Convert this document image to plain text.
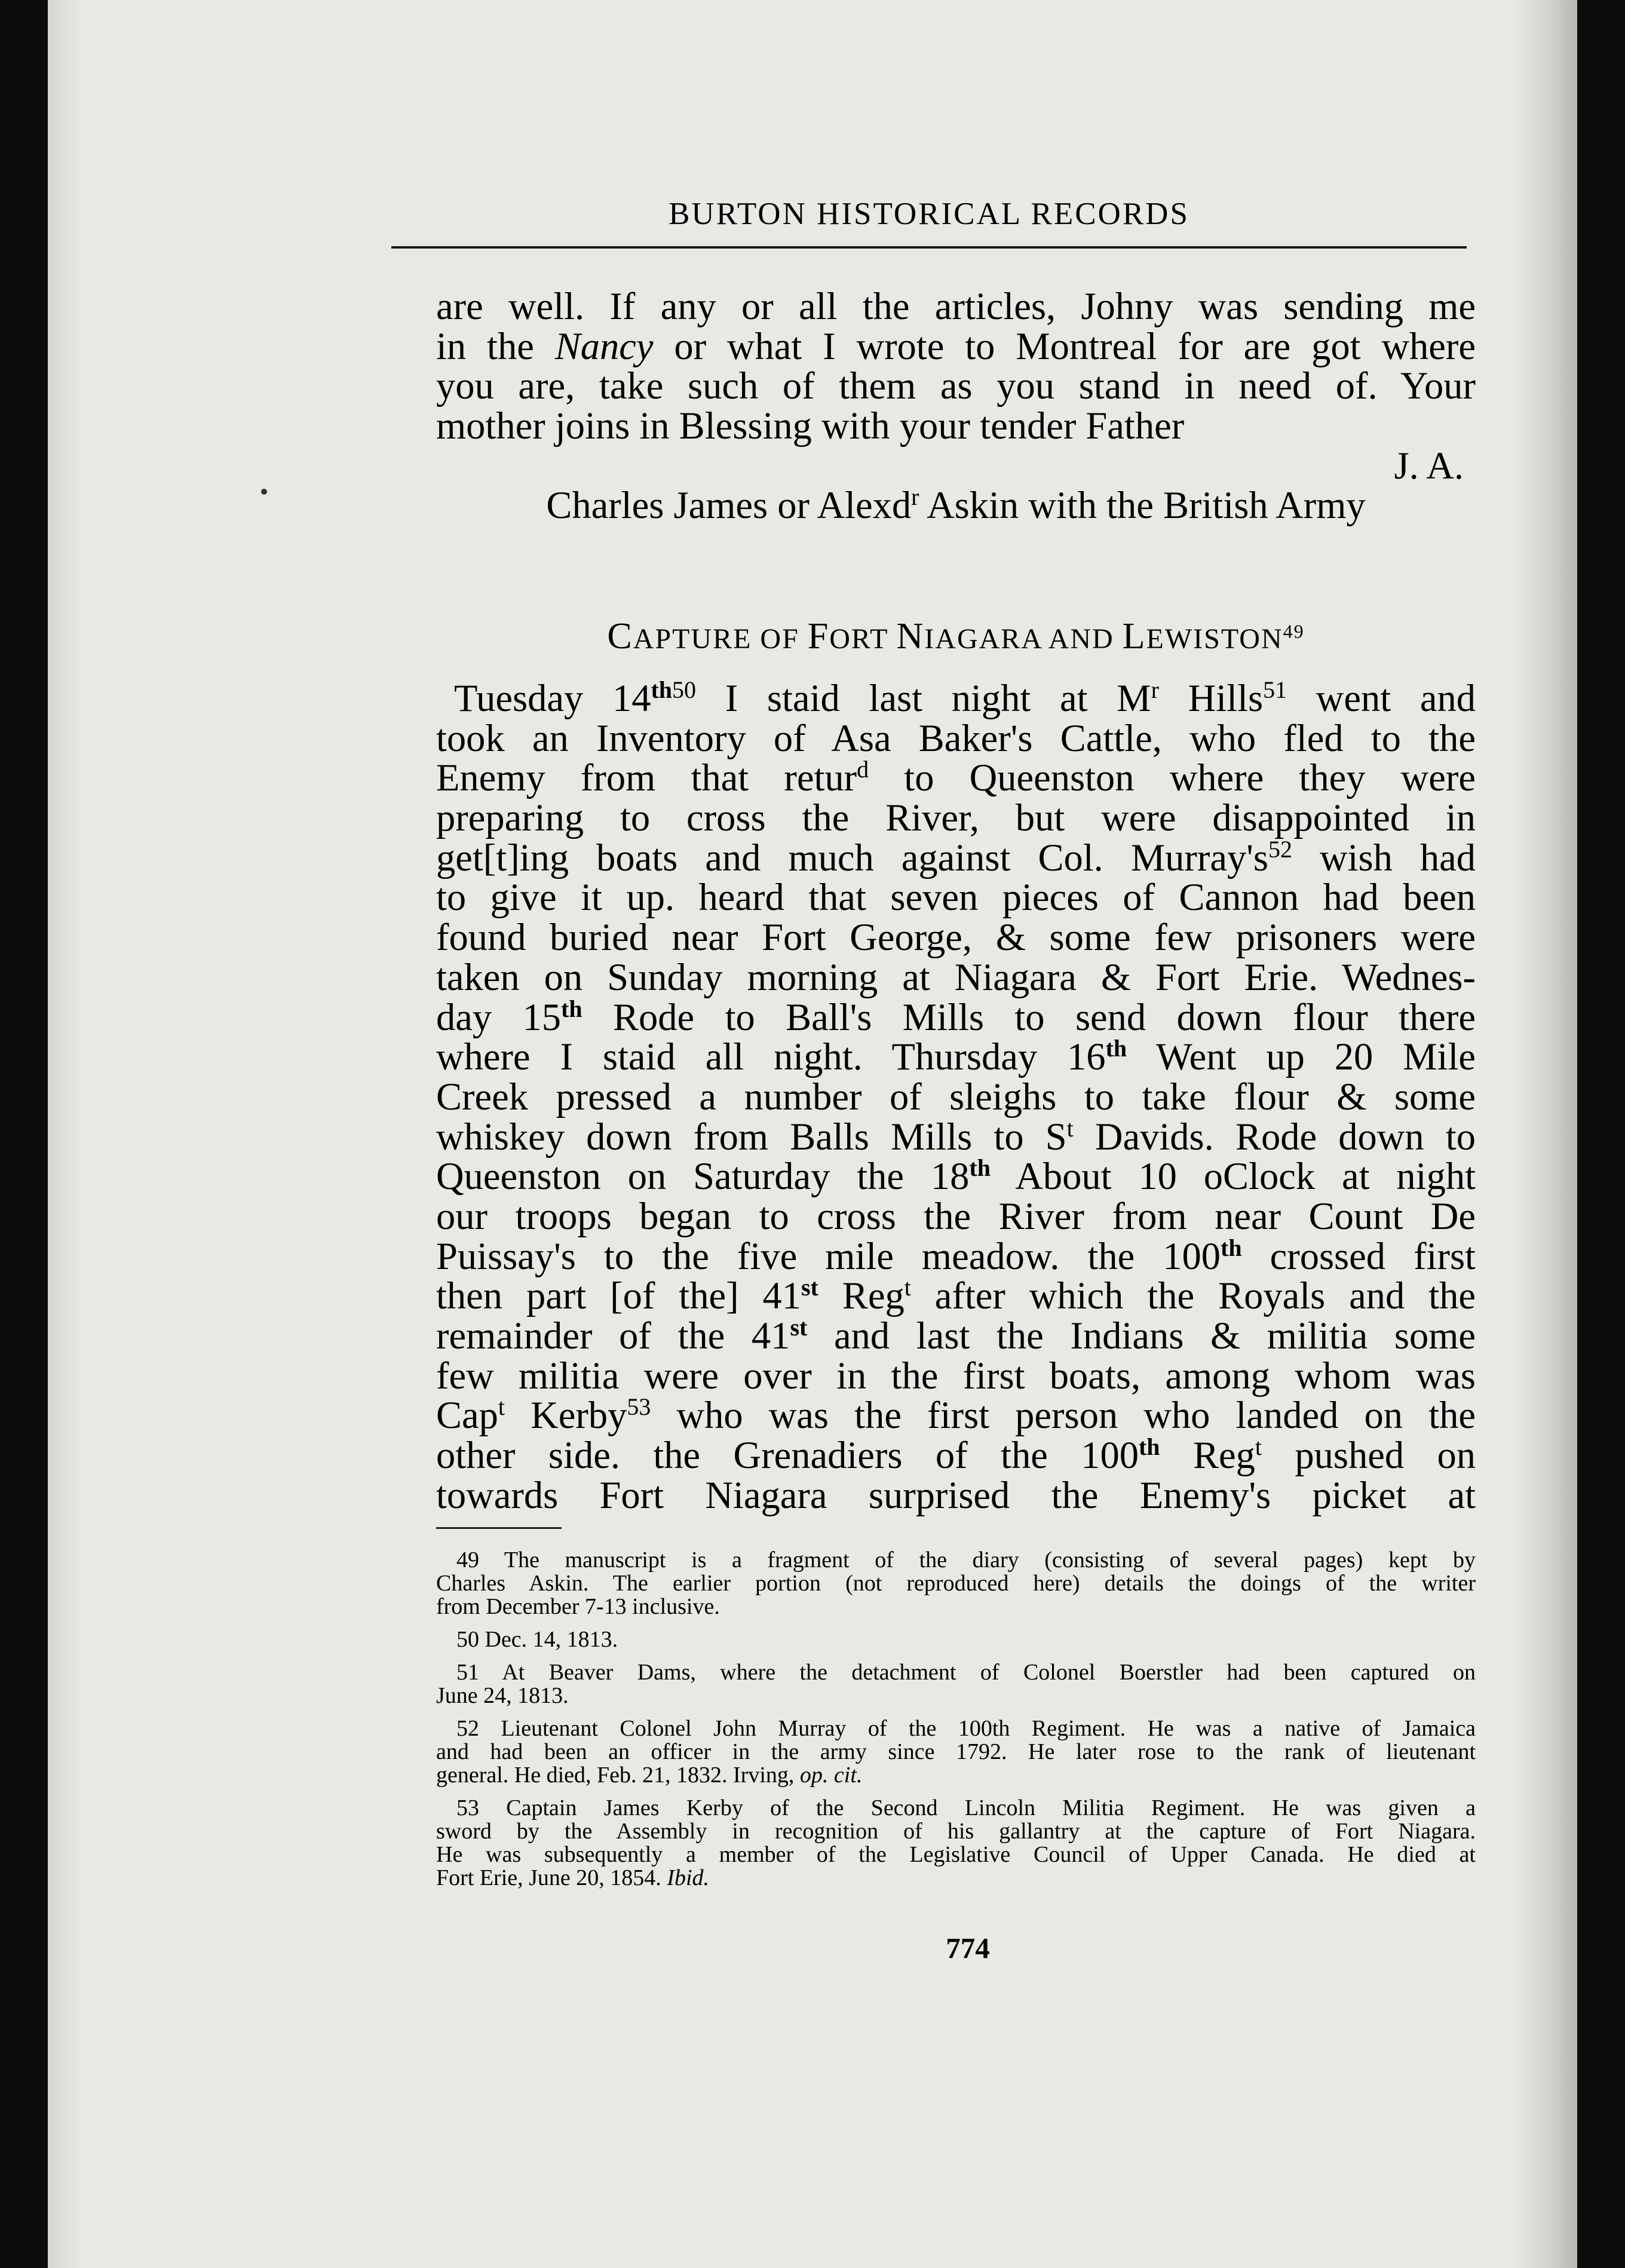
BURTON HISTORICAL RECORDS
are well. If any or all the articles, Johny was sending me
in the Nancy or what I wrote to Montreal for are got where
you are, take such of them as you stand in need of. Your
mother joins in Blessing with your tender Father
J. A.
Charles James or Alexd$^r$ Askin with the British Army
CAPTURE OF FORT NIAGARA AND LEWISTON$^{49}$
Tuesday $14^{th50}$ I staid last night at $M^r$ Hills$^{51}$ went and
took an Inventory of Asa Baker's Cattle, who fled to the
Enemy from that retur$^d$ to Queenston where they were
preparing to cross the River, but were disappointed in
get[t]ing boats and much against Col. $Murray's^{52}$ wish had
to give it up. heard that seven pieces of Cannon had been
found buried near Fort George, & some few prisoners were
taken on Sunday morning at Niagara & Fort Erie. Wednes-
day 15th Rode to Ball's Mills to send down flour there
where I staid all night. Thursday 16th Went up 20 Mile
Creek pressed a number of sleighs to take flour & some
whiskey down from Balls Mills to $S^t$ Davids. Rode down to
Queenston on Saturday the 18th About 10 oClock at night
our troops began to cross the River from near Count De
Puissay's to the five mile meadow. the 100th crossed first
then part [of the] 41st Reg$^t$ after which the Royals and the
remainder of the 41st and last the Indians & militia some
few militia were over in the first boats, among whom was
Cap$^t$ Kerby$^{53}$ who was the first person who landed on the
other side. the Grenadiers of the 100th Reg$^t$ pushed on
towards Fort Niagara surprised the Enemy's picket at
49 The manuscript is a fragment of the diary (consisting of several pages) kept by
Charles Askin. The earlier portion (not reproduced here) details the doings of the writer
from December 7-13 inclusive.
50 Dec. 14, 1813.
51 At Beaver Dams, where the detachment of Colonel Boerstler had been captured on
June 24, 1813.
52 Lieutenant Colonel John Murray of the 100th Regiment. He was a native of Jamaica
and had been an officer in the army since 1792. He later rose to the rank of lieutenant
general. He died, Feb. 21, 1832. Irving, op. cit.
53 Captain James Kerby of the Second Lincoln Militia Regiment. He was given a
sword by the Assembly in recognition of his gallantry at the capture of Fort Niagara.
He was subsequently a member of the Legislative Council of Upper Canada. He died at
Fort Erie, June 20, 1854. Ibid.
774
